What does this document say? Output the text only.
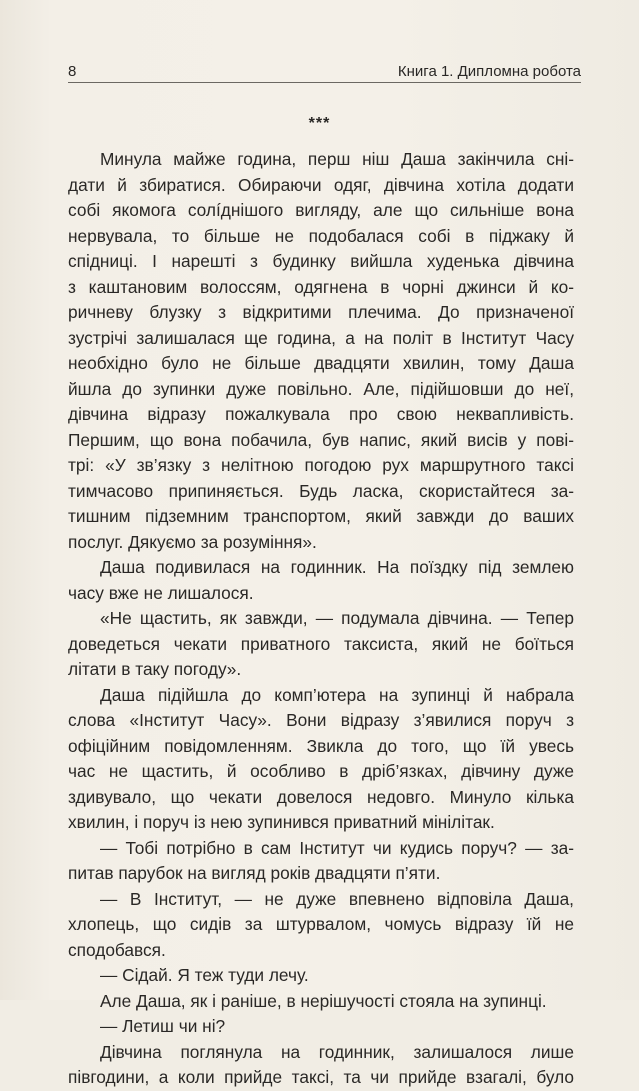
8	Книга 1. Дипломна робота
***
Минула майже година, перш ніш Даша закінчила сні-
дати й збиратися. Обираючи одяг, дівчина хотіла додати
собі якомога солíднішого вигляду, але що сильніше вона
нервувала, то більше не подобалася собі в піджаку й
спідниці. І нарешті з будинку вийшла худенька дівчина
з каштановим волоссям, одягнена в чорні джинси й ко-
ричневу блузку з відкритими плечима. До призначеної
зустрічі залишалася ще година, а на політ в Інститут Часу
необхідно було не більше двадцяти хвилин, тому Даша
йшла до зупинки дуже повільно. Але, підійшовши до неї,
дівчина відразу пожалкувала про свою неквапливість.
Першим, що вона побачила, був напис, який висів у пові-
трі: «У зв’язку з нелітною погодою рух маршрутного таксі
тимчасово припиняється. Будь ласка, скористайтеся за-
тишним підземним транспортом, який завжди до ваших
послуг. Дякуємо за розуміння».
Даша подивилася на годинник. На поїздку під землею
часу вже не лишалося.
«Не щастить, як завжди, — подумала дівчина. — Тепер
доведеться чекати приватного таксиста, який не боїться
літати в таку погоду».
Даша підійшла до комп’ютера на зупинці й набрала
слова «Інститут Часу». Вони відразу з’явилися поруч з
офіційним повідомленням. Звикла до того, що їй увесь
час не щастить, й особливо в дріб’язках, дівчину дуже
здивувало, що чекати довелося недовго. Минуло кілька
хвилин, і поруч із нею зупинився приватний мінілітак.
— Тобі потрібно в сам Інститут чи кудись поруч? — за-
питав парубок на вигляд років двадцяти п’яти.
— В Інститут, — не дуже впевнено відповіла Даша,
хлопець, що сидів за штурвалом, чомусь відразу їй не
сподобався.
— Сідай. Я теж туди лечу.
Але Даша, як і раніше, в нерішучості стояла на зупинці.
— Летиш чи ні?
Дівчина поглянула на годинник, залишалося лише
півгодини, а коли прийде таксі, та чи прийде взагалі, було
